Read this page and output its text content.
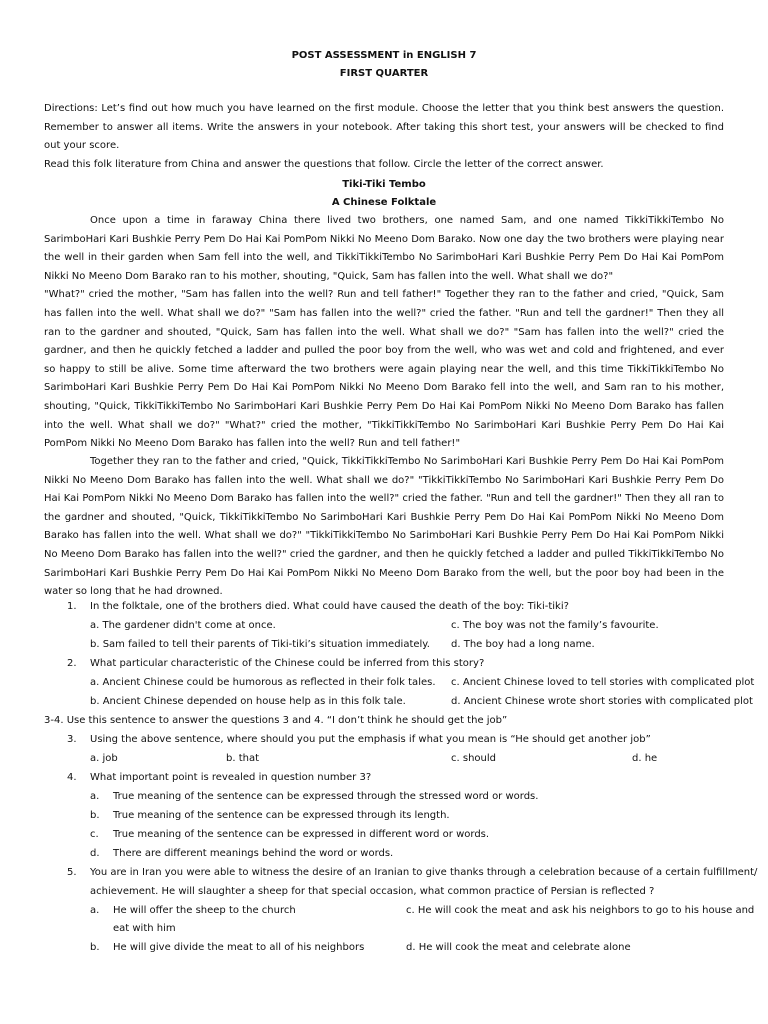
POST ASSESSMENT in ENGLISH 7
FIRST QUARTER

Directions: Let’s find out how much you have learned on the first module. Choose the letter that you think best answers the question. Remember to answer all items. Write the answers in your notebook. After taking this short test, your answers will be checked to find out your score.

Read this folk literature from China and answer the questions that follow. Circle the letter of the correct answer.

Tiki-Tiki Tembo
A Chinese Folktale

Once upon a time in faraway China there lived two brothers, one named Sam, and one named TikkiTikkiTembo No SarimboHari Kari Bushkie Perry Pem Do Hai Kai PomPom Nikki No Meeno Dom Barako. Now one day the two brothers were playing near the well in their garden when Sam fell into the well, and TikkiTikkiTembo No SarimboHari Kari Bushkie Perry Pem Do Hai Kai PomPom Nikki No Meeno Dom Barako ran to his mother, shouting, "Quick, Sam has fallen into the well. What shall we do?"

"What?" cried the mother, "Sam has fallen into the well? Run and tell father!" Together they ran to the father and cried, "Quick, Sam has fallen into the well. What shall we do?" "Sam has fallen into the well?" cried the father. "Run and tell the gardner!" Then they all ran to the gardner and shouted, "Quick, Sam has fallen into the well. What shall we do?" "Sam has fallen into the well?" cried the gardner, and then he quickly fetched a ladder and pulled the poor boy from the well, who was wet and cold and frightened, and ever so happy to still be alive. Some time afterward the two brothers were again playing near the well, and this time TikkiTikkiTembo No SarimboHari Kari Bushkie Perry Pem Do Hai Kai PomPom Nikki No Meeno Dom Barako fell into the well, and Sam ran to his mother, shouting, "Quick, TikkiTikkiTembo No SarimboHari Kari Bushkie Perry Pem Do Hai Kai PomPom Nikki No Meeno Dom Barako has fallen into the well. What shall we do?" "What?" cried the mother, "TikkiTikkiTembo No SarimboHari Kari Bushkie Perry Pem Do Hai Kai PomPom Nikki No Meeno Dom Barako has fallen into the well? Run and tell father!"

Together they ran to the father and cried, "Quick, TikkiTikkiTembo No SarimboHari Kari Bushkie Perry Pem Do Hai Kai PomPom Nikki No Meeno Dom Barako has fallen into the well. What shall we do?" "TikkiTikkiTembo No SarimboHari Kari Bushkie Perry Pem Do Hai Kai PomPom Nikki No Meeno Dom Barako has fallen into the well?" cried the father. "Run and tell the gardner!" Then they all ran to the gardner and shouted, "Quick, TikkiTikkiTembo No SarimboHari Kari Bushkie Perry Pem Do Hai Kai PomPom Nikki No Meeno Dom Barako has fallen into the well. What shall we do?" "TikkiTikkiTembo No SarimboHari Kari Bushkie Perry Pem Do Hai Kai PomPom Nikki No Meeno Dom Barako has fallen into the well?" cried the gardner, and then he quickly fetched a ladder and pulled TikkiTikkiTembo No SarimboHari Kari Bushkie Perry Pem Do Hai Kai PomPom Nikki No Meeno Dom Barako from the well, but the poor boy had been in the water so long that he had drowned.

1. In the folktale, one of the brothers died. What could have caused the death of the boy: Tiki-tiki?
a. The gardener didn't come at once.	c. The boy was not the family’s favourite.
b. Sam failed to tell their parents of Tiki-tiki’s situation immediately. d. The boy had a long name.
2. What particular characteristic of the Chinese could be inferred from this story?
a. Ancient Chinese could be humorous as reflected in their folk tales. c. Ancient Chinese loved to tell stories with complicated plot
b. Ancient Chinese depended on house help as in this folk tale.	d. Ancient Chinese wrote short stories with complicated plot
3-4. Use this sentence to answer the questions 3 and 4. “I don’t think he should get the job”
3. Using the above sentence, where should you put the emphasis if what you mean is “He should get another job”
a. job	b. that	c. should	d. he
4. What important point is revealed in question number 3?
a. True meaning of the sentence can be expressed through the stressed word or words.
b. True meaning of the sentence can be expressed through its length.
c. True meaning of the sentence can be expressed in different word or words.
d. There are different meanings behind the word or words.
5. You are in Iran you were able to witness the desire of an Iranian to give thanks through a celebration because of a certain fulfillment/
achievement. He will slaughter a sheep for that special occasion, what common practice of Persian is reflected ?
a. He will offer the sheep to the church	c. He will cook the meat and ask his neighbors to go to his house and
eat with him
b. He will give divide the meat to all of his neighbors	d. He will cook the meat and celebrate alone
